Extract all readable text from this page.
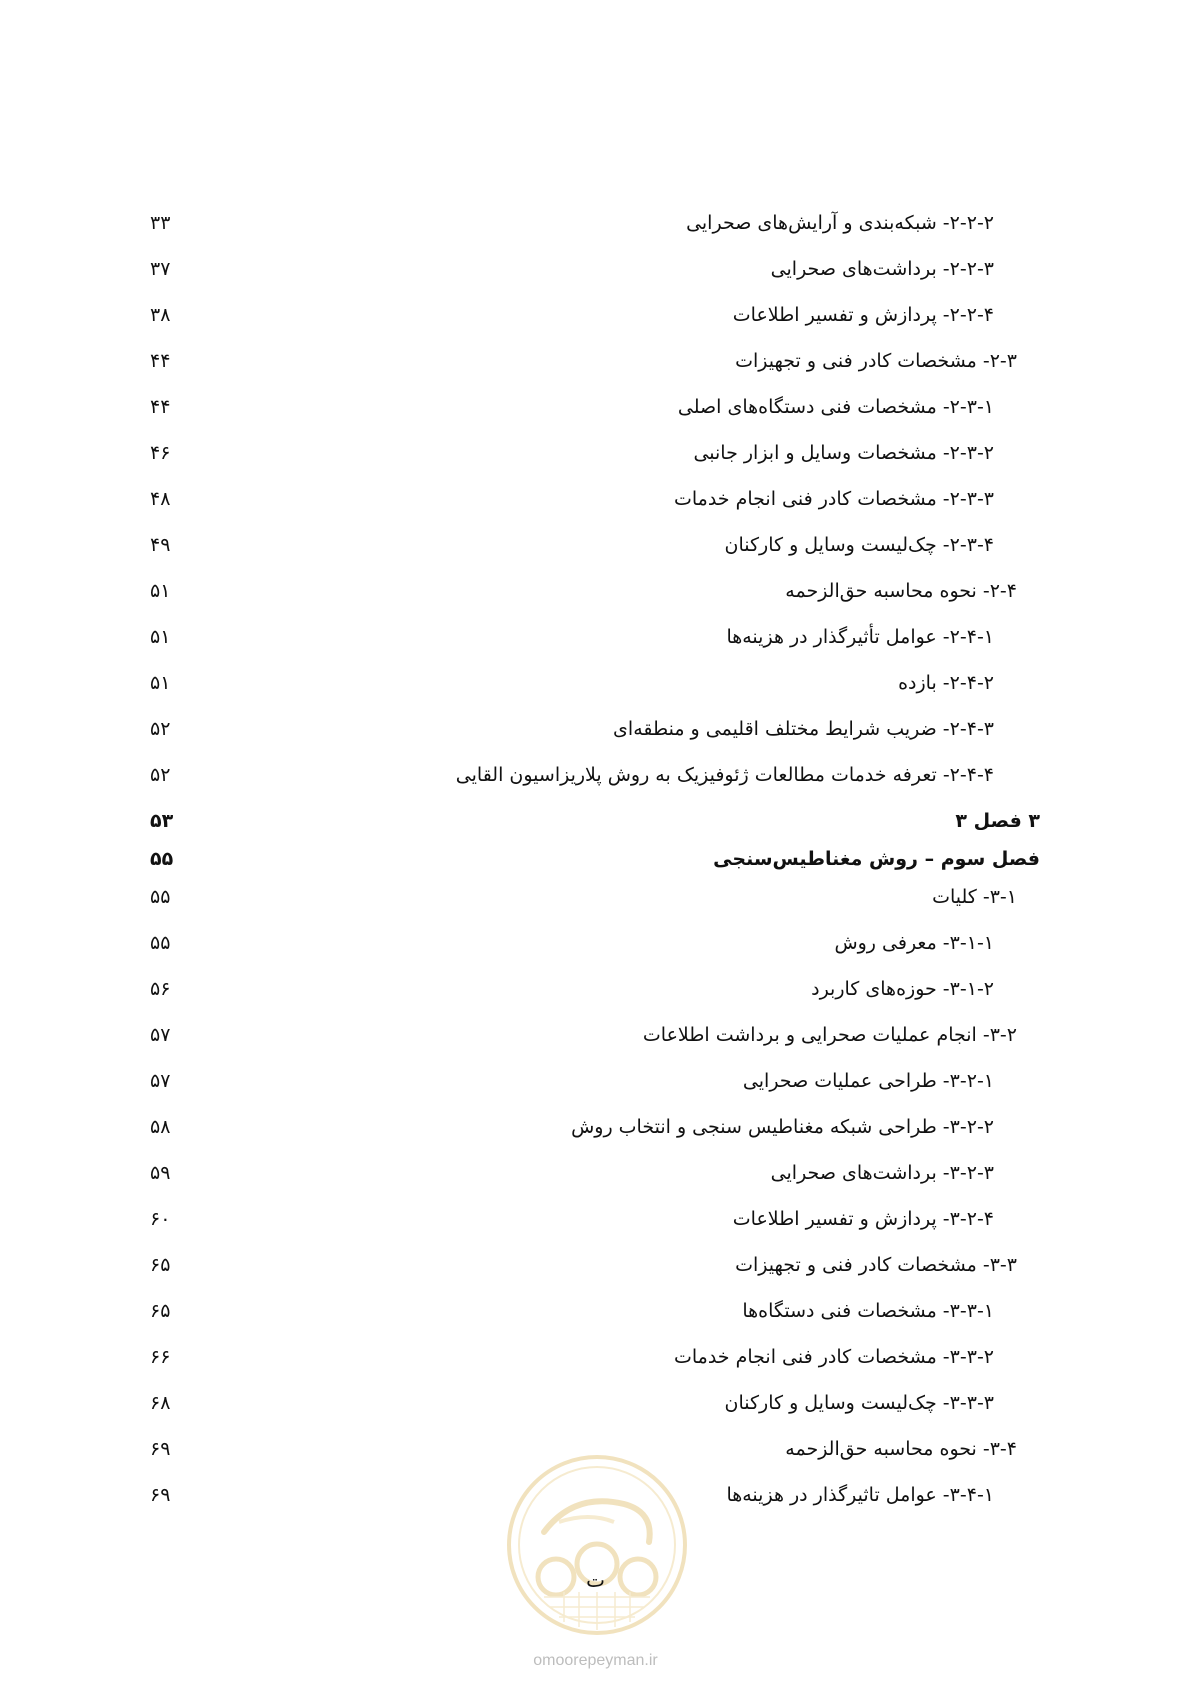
۲-۲-۲- شبکه‌بندی و آرایش‌های صحرایی
۳۳
۲-۲-۳- برداشت‌های صحرایی
۳۷
۲-۲-۴- پردازش و تفسیر اطلاعات
۳۸
۲-۳- مشخصات کادر فنی و تجهیزات
۴۴
۲-۳-۱- مشخصات فنی دستگاه‌های اصلی
۴۴
۲-۳-۲- مشخصات وسایل و ابزار جانبی
۴۶
۲-۳-۳- مشخصات کادر فنی انجام خدمات
۴۸
۲-۳-۴- چک‌لیست وسایل و کارکنان
۴۹
۲-۴- نحوه محاسبه حق‌الزحمه
۵۱
۲-۴-۱- عوامل تأثیرگذار در هزینه‌ها
۵۱
۲-۴-۲- بازده
۵۱
۲-۴-۳- ضریب شرایط مختلف اقلیمی و منطقه‌ای
۵۲
۲-۴-۴- تعرفه خدمات مطالعات ژئوفیزیک به روش پلاریزاسیون القایی
۵۲
۳ فصل ۳
۵۳
فصل سوم – روش مغناطیس‌سنجی
۵۵
۳-۱- کلیات
۵۵
۳-۱-۱- معرفی روش
۵۵
۳-۱-۲- حوزه‌های کاربرد
۵۶
۳-۲- انجام عملیات صحرایی و برداشت اطلاعات
۵۷
۳-۲-۱- طراحی عملیات صحرایی
۵۷
۳-۲-۲- طراحی شبکه مغناطیس سنجی و انتخاب روش
۵۸
۳-۲-۳- برداشت‌های صحرایی
۵۹
۳-۲-۴- پردازش و تفسیر اطلاعات
۶۰
۳-۳- مشخصات کادر فنی و تجهیزات
۶۵
۳-۳-۱- مشخصات فنی دستگاه‌ها
۶۵
۳-۳-۲- مشخصات کادر فنی انجام خدمات
۶۶
۳-۳-۳- چک‌لیست وسایل و کارکنان
۶۸
۳-۴- نحوه محاسبه حق‌الزحمه
۶۹
۳-۴-۱- عوامل تاثیرگذار در هزینه‌ها
۶۹
ت
omoorepeyman.ir
